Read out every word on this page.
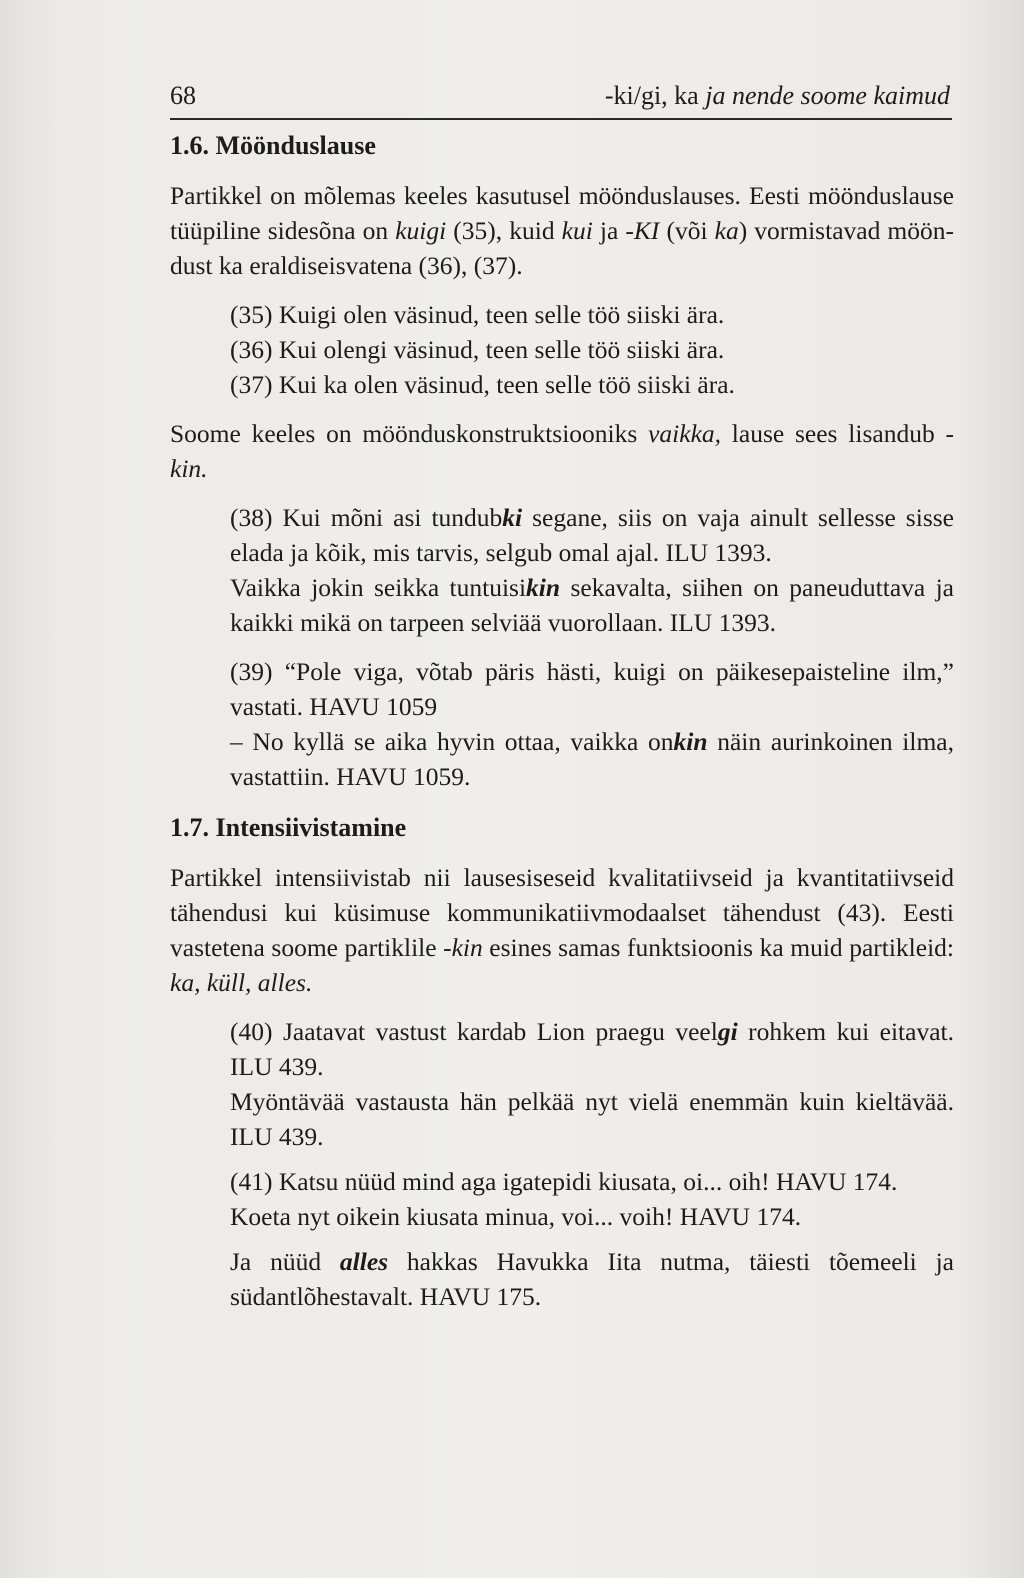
68	-ki/gi, ka ja nende soome kaimud
1.6. Möönduslause

Partikkel on mõlemas keeles kasutusel möönduslauses. Eesti möönduslause tüüpiline sidesõna on kuigi (35), kuid kui ja -KI (või ka) vormistavad mööndust ka eraldiseisvatena (36), (37).

(35) Kuigi olen väsinud, teen selle töö siiski ära.

(36) Kui olengi väsinud, teen selle töö siiski ära.

(37) Kui ka olen väsinud, teen selle töö siiski ära.

Soome keeles on möönduskonstruktsiooniks vaikka, lause sees lisandub -kin.

(38) Kui mõni asi tundubki segane, siis on vaja ainult sellesse sisse elada ja kõik, mis tarvis, selgub omal ajal. ILU 1393.

Vaikka jokin seikka tuntuisikin sekavalta, siihen on paneuduttava ja kaikki mikä on tarpeen selviää vuorollaan. ILU 1393.

(39) “Pole viga, võtab päris hästi, kuigi on päikesepaisteline ilm,” vastati. HAVU 1059

– No kyllä se aika hyvin ottaa, vaikka onkin näin aurinkoinen ilma, vastattiin. HAVU 1059.

1.7. Intensiivistamine

Partikkel intensiivistab nii lausesiseseid kvalitatiivseid ja kvantitatiivseid tähendusi kui küsimuse kommunikatiivmodaalset tähendust (43). Eesti vastetena soome partiklile -kin esines samas funktsioonis ka muid partikleid: ka, küll, alles.

(40) Jaatavat vastust kardab Lion praegu veelgi rohkem kui eitavat. ILU 439.

Myöntävää vastausta hän pelkää nyt vielä enemmän kuin kieltävää. ILU 439.

(41) Katsu nüüd mind aga igatepidi kiusata, oi... oih! HAVU 174.

Koeta nyt oikein kiusata minua, voi... voih! HAVU 174.

Ja nüüd alles hakkas Havukka Iita nutma, täiesti tõemeeli ja südantlõhestavalt. HAVU 175.
